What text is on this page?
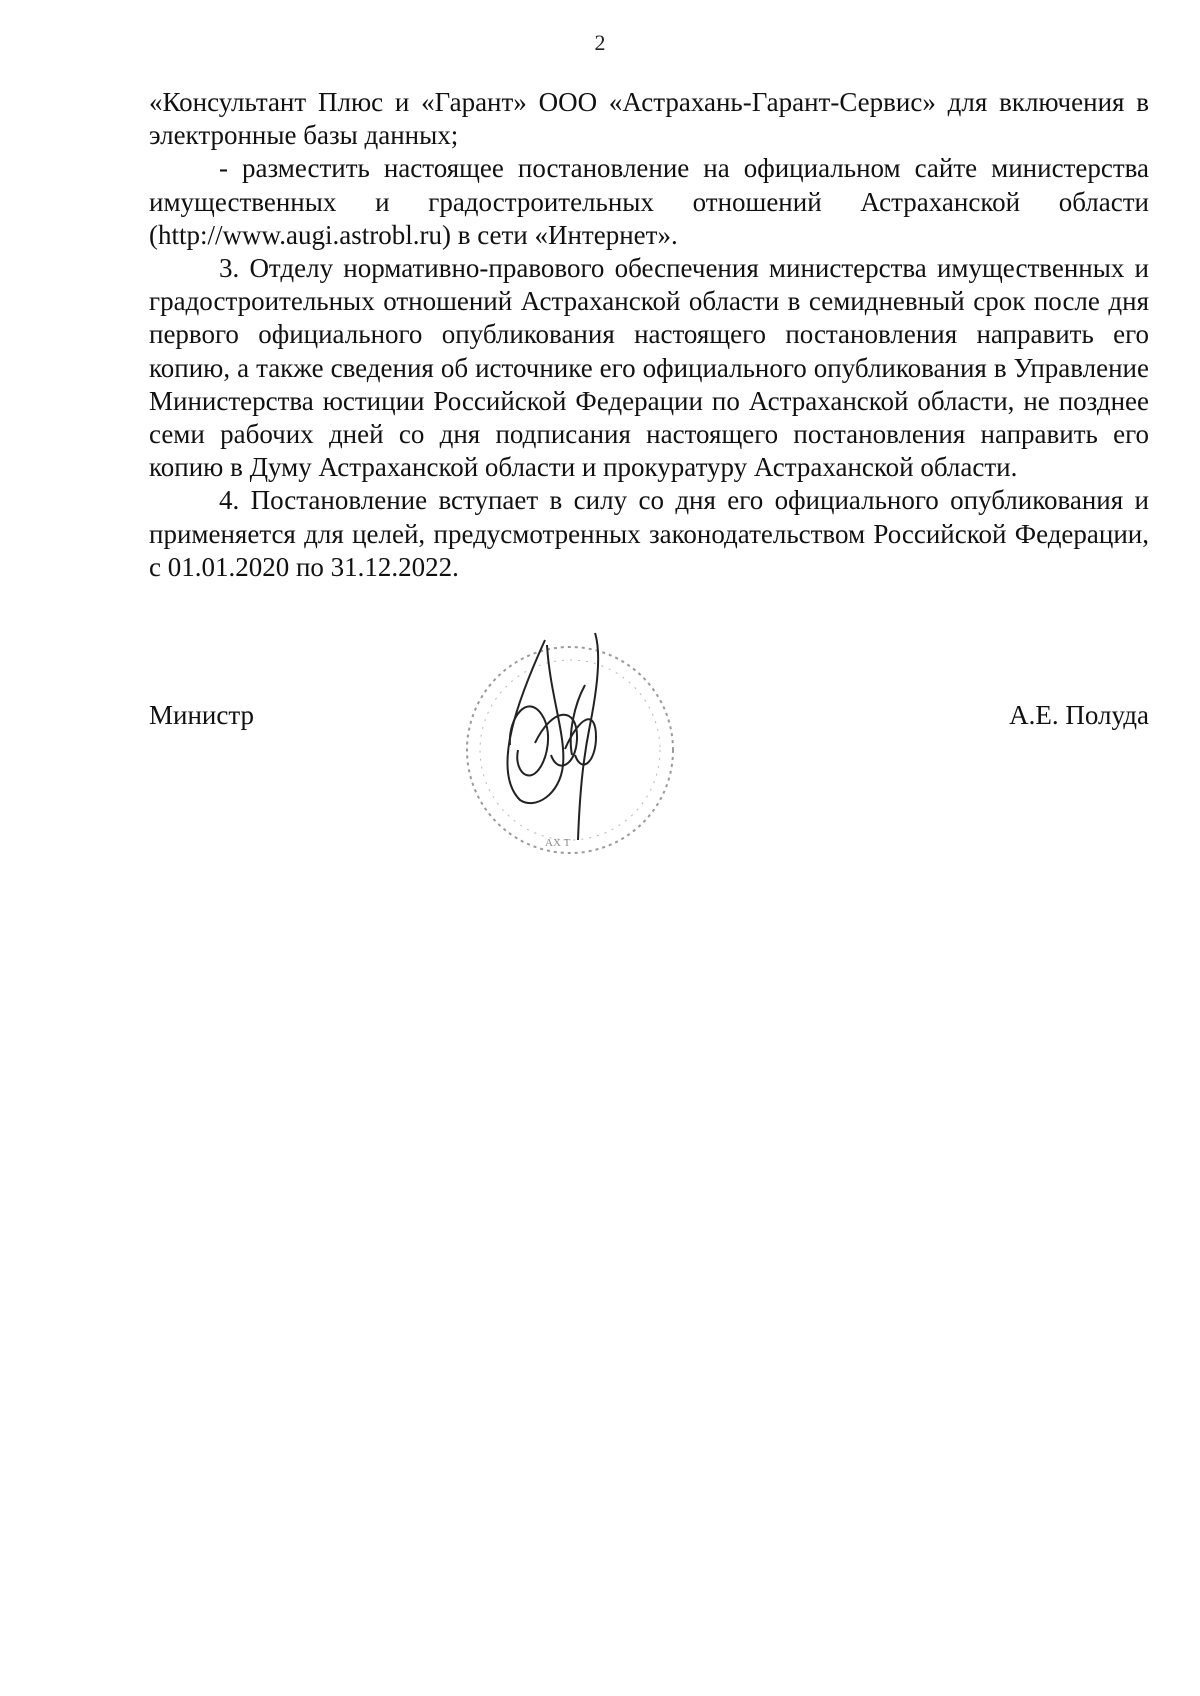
2

«Консультант Плюс и «Гарант» ООО «Астрахань-Гарант-Сервис» для включения в электронные базы данных;

- разместить настоящее постановление на официальном сайте министерства имущественных и градостроительных отношений Астраханской области (http://www.augi.astrobl.ru) в сети «Интернет».

3. Отделу нормативно-правового обеспечения министерства имущественных и градостроительных отношений Астраханской области в семидневный срок после дня первого официального опубликования настоящего постановления направить его копию, а также сведения об источнике его официального опубликования в Управление Министерства юстиции Российской Федерации по Астраханской области, не позднее семи рабочих дней со дня подписания настоящего постановления направить его копию в Думу Астраханской области и прокуратуру Астраханской области.

4. Постановление вступает в силу со дня его официального опубликования и применяется для целей, предусмотренных законодательством Российской Федерации, с 01.01.2020 по 31.12.2022.

АХ Т
Министр	А.Е. Полуда
